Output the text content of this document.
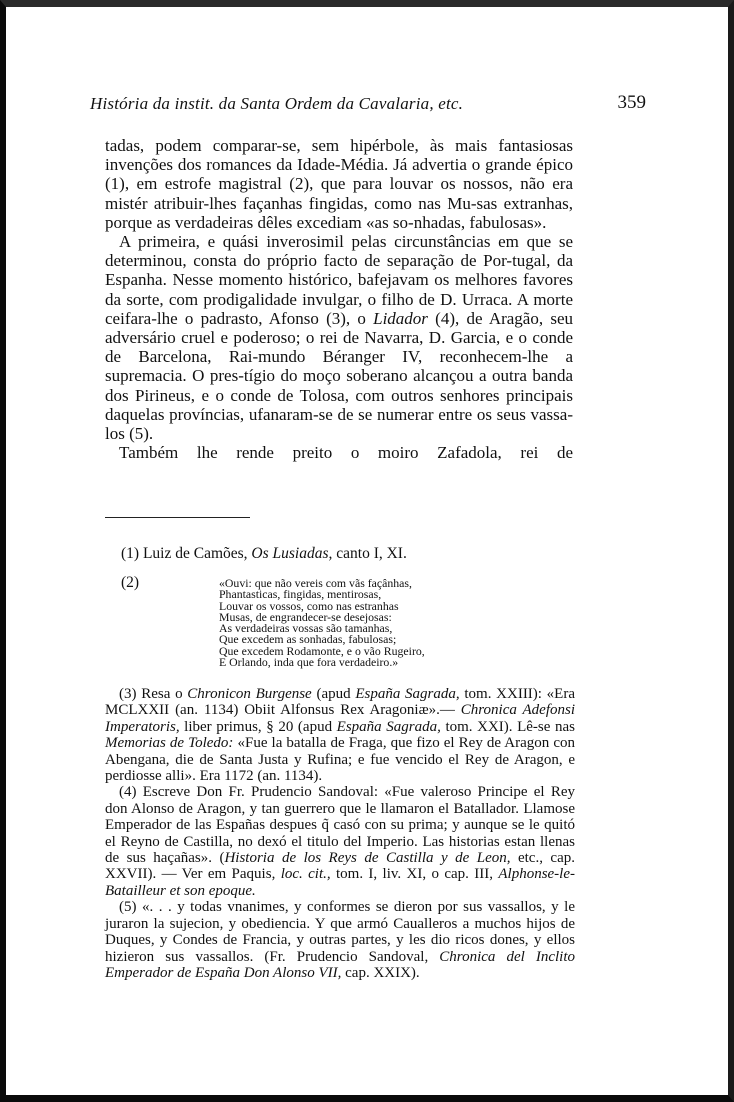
História da instit. da Santa Ordem da Cavalaria, etc.	359

tadas, podem comparar-se, sem hipérbole, às mais fantasiosas invenções dos romances da Idade-Média. Já advertia o grande épico (1), em estrofe magistral (2), que para louvar os nossos, não era mistér atribuir-lhes façanhas fingidas, como nas Mu-sas extranhas, porque as verdadeiras dêles excediam «as so-nhadas, fabulosas».

A primeira, e quási inverosimil pelas circunstâncias em que se determinou, consta do próprio facto de separação de Por-tugal, da Espanha. Nesse momento histórico, bafejavam os melhores favores da sorte, com prodigalidade invulgar, o filho de D. Urraca. A morte ceifara-lhe o padrasto, Afonso (3), o Lidador (4), de Aragão, seu adversário cruel e poderoso; o rei de Navarra, D. Garcia, e o conde de Barcelona, Rai-mundo Béranger IV, reconhecem-lhe a supremacia. O pres-tígio do moço soberano alcançou a outra banda dos Pirineus, e o conde de Tolosa, com outros senhores principais daquelas províncias, ufanaram-se de se numerar entre os seus vassa-los (5).

Também lhe rende preito o moiro Zafadola, rei de

(1) Luiz de Camões, Os Lusiadas, canto I, XI.
(2)	«Ouvi: que não vereis com vãs façânhas,
Phantasticas, fingidas, mentirosas,
Louvar os vossos, como nas estranhas
Musas, de engrandecer-se desejosas:
As verdadeiras vossas são tamanhas,
Que excedem as sonhadas, fabulosas;
Que excedem Rodamonte, e o vão Rugeiro,
E Orlando, inda que fora verdadeiro.»

(3) Resa o Chronicon Burgense (apud España Sagrada, tom. XXIII): «Era MCLXXII (an. 1134) Obiit Alfonsus Rex Aragoniæ».— Chronica Adefonsi Imperatoris, liber primus, § 20 (apud España Sagrada, tom. XXI). Lê-se nas Memorias de Toledo: «Fue la batalla de Fraga, que fizo el Rey de Aragon con Abengana, die de Santa Justa y Rufina; e fue vencido el Rey de Aragon, e perdiosse alli». Era 1172 (an. 1134).

(4) Escreve Don Fr. Prudencio Sandoval: «Fue valeroso Principe el Rey don Alonso de Aragon, y tan guerrero que le llamaron el Batallador. Llamose Emperador de las Españas despues q̃ casó con su prima; y aunque se le quitó el Reyno de Castilla, no dexó el titulo del Imperio. Las historias estan llenas de sus haçañas». (Historia de los Reys de Castilla y de Leon, etc., cap. XXVII). — Ver em Paquis, loc. cit., tom. I, liv. XI, o cap. III, Alphonse-le-Batailleur et son epoque.

(5) «. . . y todas vnanimes, y conformes se dieron por sus vassallos, y le juraron la sujecion, y obediencia. Y que armó Caualleros a muchos hijos de Duques, y Condes de Francia, y outras partes, y les dio ricos dones, y ellos hizieron sus vassallos. (Fr. Prudencio Sandoval, Chronica del Inclito Emperador de España Don Alonso VII, cap. XXIX).
